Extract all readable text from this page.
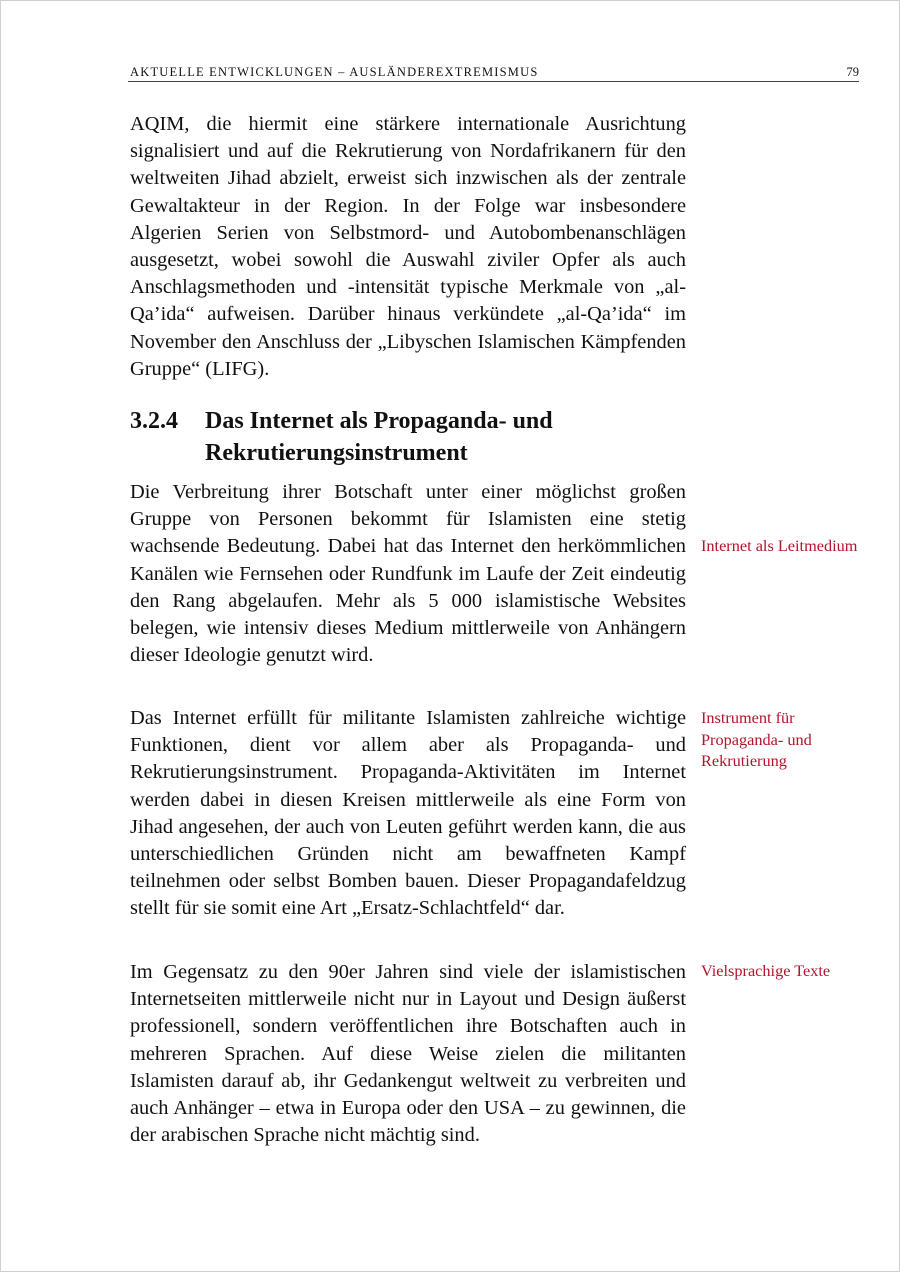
AKTUELLE ENTWICKLUNGEN – AUSLÄNDEREXTREMISMUS	79

AQIM, die hiermit eine stärkere internationale Ausrichtung signalisiert und auf die Rekrutierung von Nordafrikanern für den weltweiten Jihad abzielt, erweist sich inzwischen als der zentrale Gewaltakteur in der Region. In der Folge war insbesondere Algerien Serien von Selbstmord- und Autobombenanschlägen ausgesetzt, wobei sowohl die Auswahl ziviler Opfer als auch Anschlagsmethoden und -intensität typische Merkmale von „al-Qa’ida“ aufweisen. Darüber hinaus verkündete „al-Qa’ida“ im November den Anschluss der „Libyschen Islamischen Kämpfenden Gruppe“ (LIFG).

3.2.4	Das Internet als Propaganda- und
Rekrutierungsinstrument

Die Verbreitung ihrer Botschaft unter einer möglichst großen Gruppe von Personen bekommt für Islamisten eine stetig wachsende Bedeutung. Dabei hat das Internet den herkömmlichen Kanälen wie Fernsehen oder Rundfunk im Laufe der Zeit eindeutig den Rang abgelaufen. Mehr als 5 000 islamistische Websites belegen, wie intensiv dieses Medium mittlerweile von Anhängern dieser Ideologie genutzt wird.

Das Internet erfüllt für militante Islamisten zahlreiche wichtige Funktionen, dient vor allem aber als Propaganda- und Rekrutierungsinstrument. Propaganda-Aktivitäten im Internet werden dabei in diesen Kreisen mittlerweile als eine Form von Jihad angesehen, der auch von Leuten geführt werden kann, die aus unterschiedlichen Gründen nicht am bewaffneten Kampf teilnehmen oder selbst Bomben bauen. Dieser Propagandafeldzug stellt für sie somit eine Art „Ersatz-Schlachtfeld“ dar.

Im Gegensatz zu den 90er Jahren sind viele der islamistischen Internetseiten mittlerweile nicht nur in Layout und Design äußerst professionell, sondern veröffentlichen ihre Botschaften auch in mehreren Sprachen. Auf diese Weise zielen die militanten Islamisten darauf ab, ihr Gedankengut weltweit zu verbreiten und auch Anhänger – etwa in Europa oder den USA – zu gewinnen, die der arabischen Sprache nicht mächtig sind.

Internet als Leitmedium
Instrument für Propaganda- und Rekrutierung
Vielsprachige Texte
